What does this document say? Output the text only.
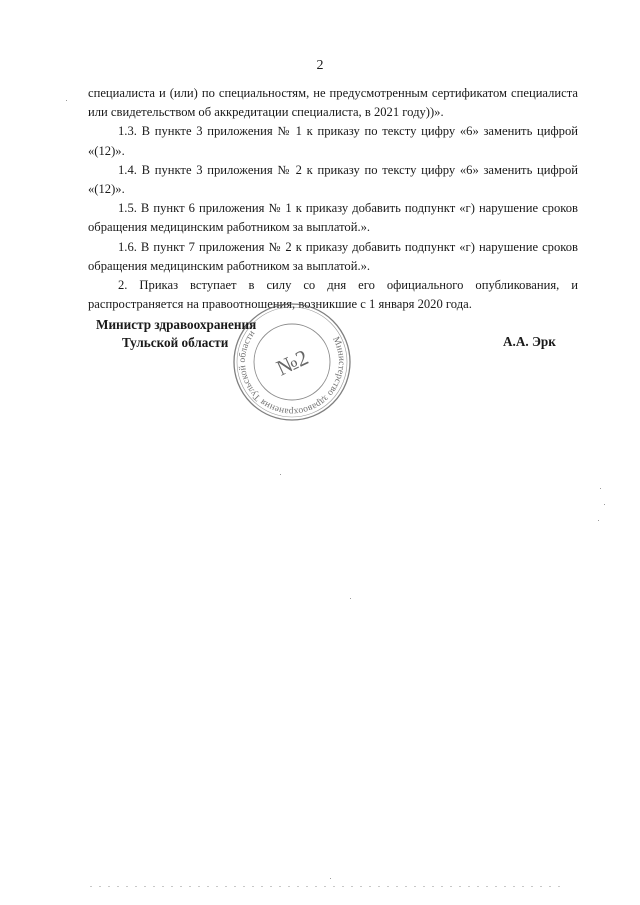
2

специалиста и (или) по специальностям, не предусмотренным сертификатом специалиста или свидетельством об аккредитации специалиста, в 2021 году))».

1.3. В пункте 3 приложения № 1 к приказу по тексту цифру «6» заменить цифрой «(12)».

1.4. В пункте 3 приложения № 2 к приказу по тексту цифру «6» заменить цифрой «(12)».

1.5. В пункт 6 приложения № 1 к приказу добавить подпункт «г) нарушение сроков обращения медицинским работником за выплатой.».

1.6. В пункт 7 приложения № 2 к приказу добавить подпункт «г) нарушение сроков обращения медицинским работником за выплатой.».

2. Приказ вступает в силу со дня его официального опубликования, и распространяется на правоотношения, возникшие с 1 января 2020 года.

Министерство здравоохранения Тульской области
№2
Министр здравоохранения
Тульской области	А.А. Эрк
